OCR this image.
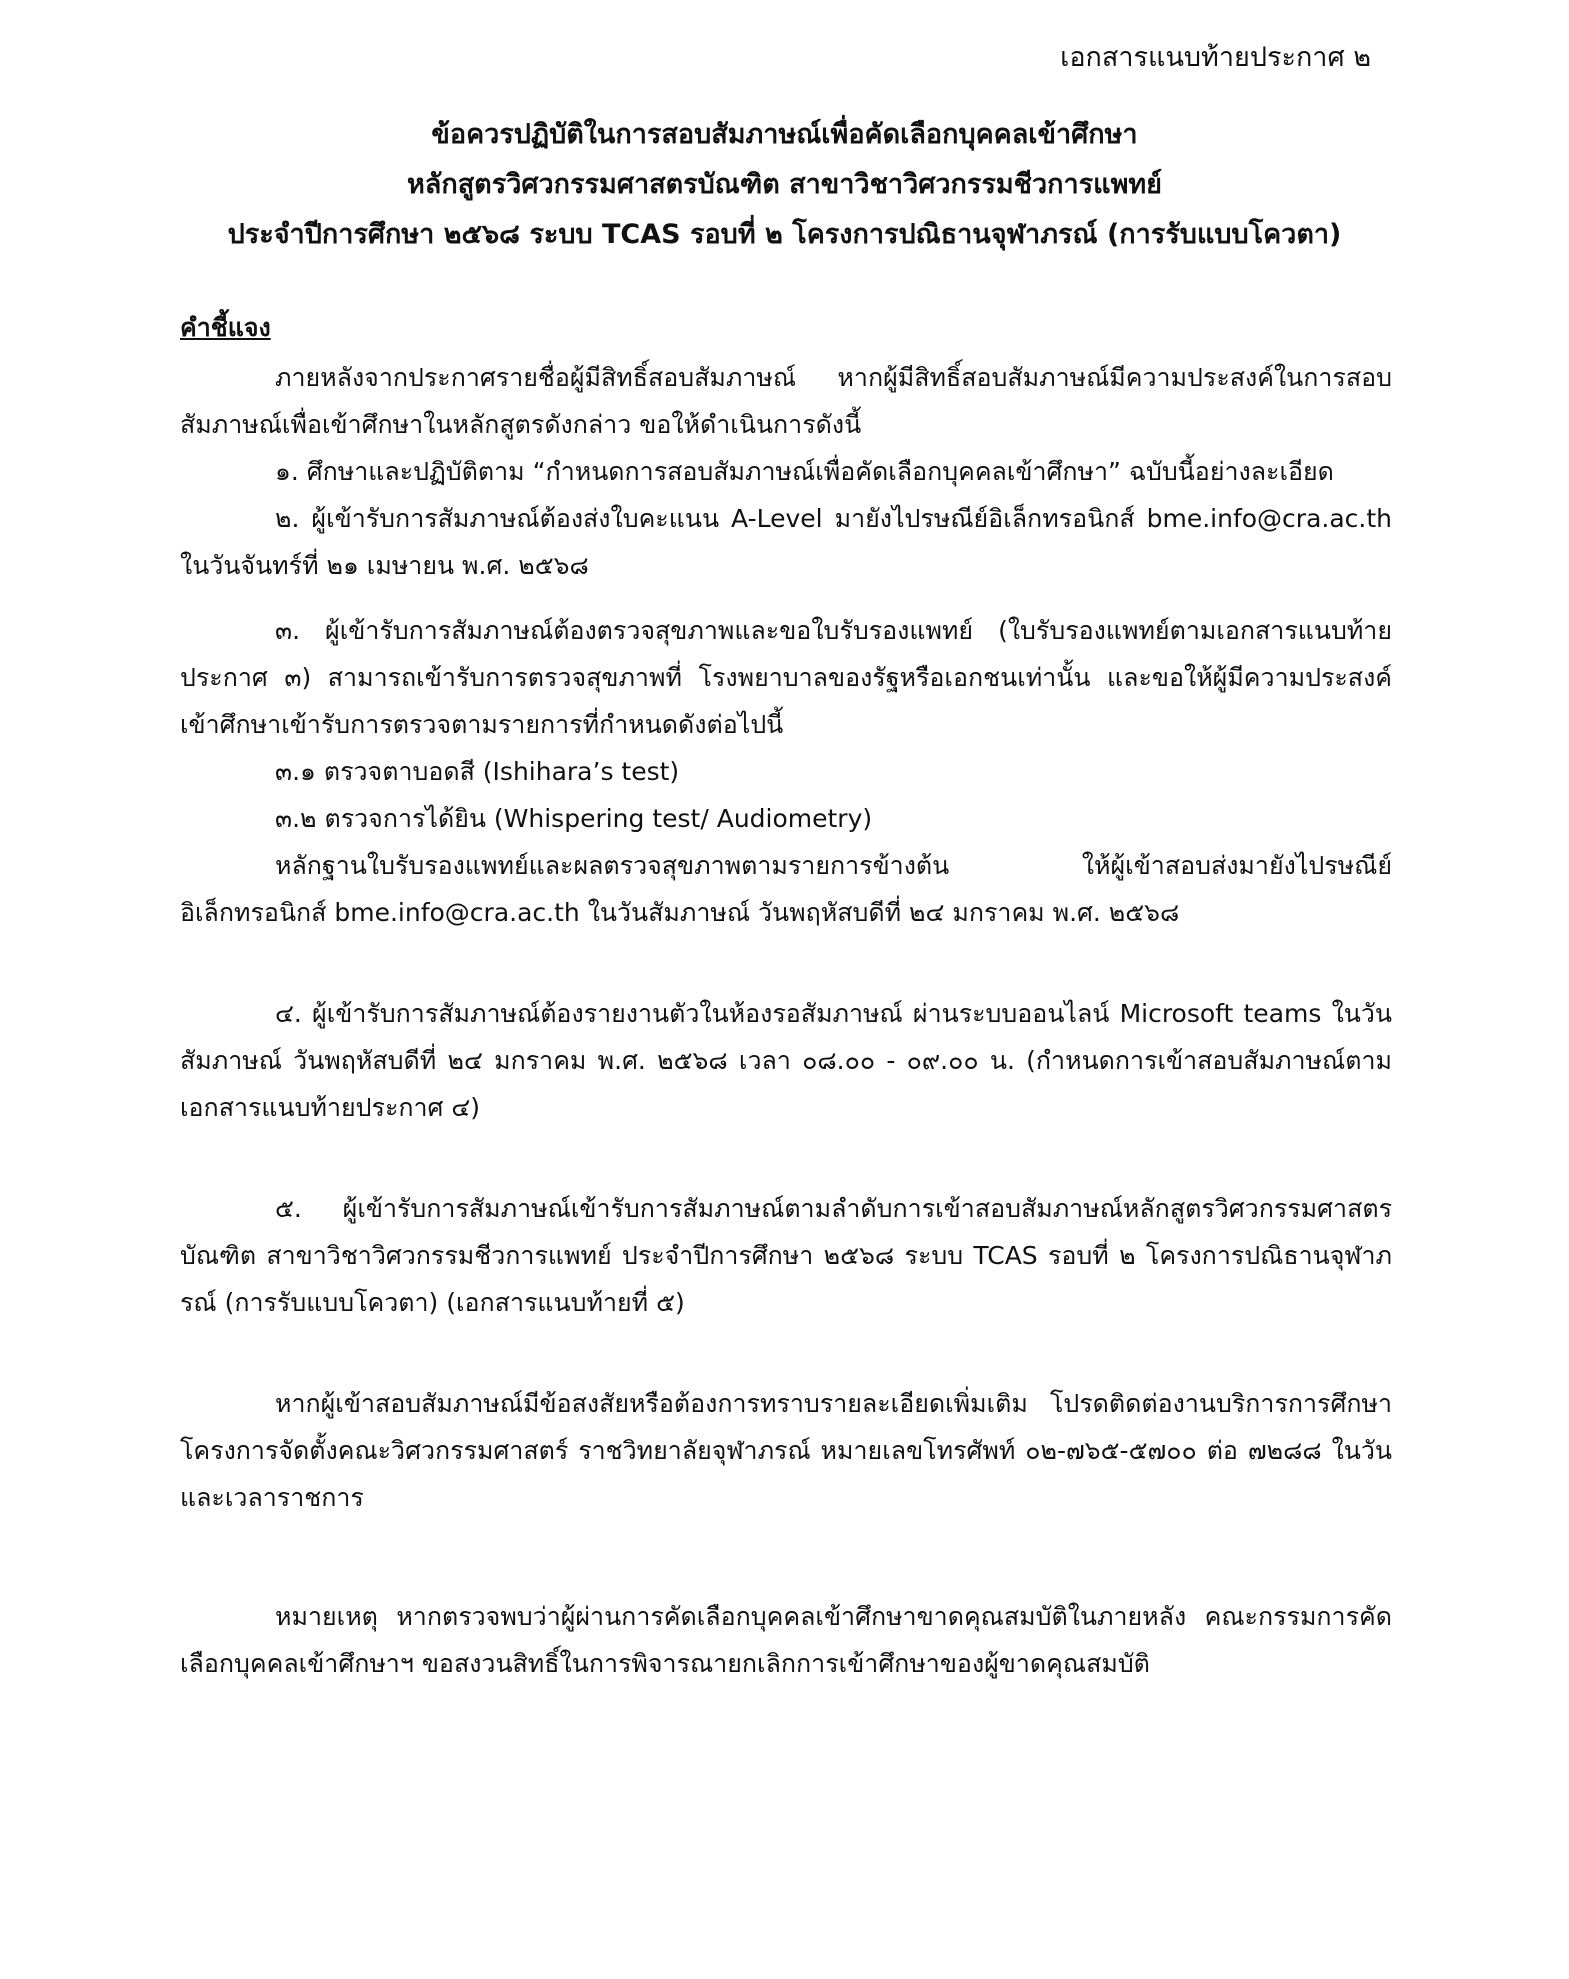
เอกสารแนบท้ายประกาศ ๒
ข้อควรปฏิบัติในการสอบสัมภาษณ์เพื่อคัดเลือกบุคคลเข้าศึกษา
หลักสูตรวิศวกรรมศาสตรบัณฑิต สาขาวิชาวิศวกรรมชีวการแพทย์
ประจำปีการศึกษา ๒๕๖๘ ระบบ TCAS รอบที่ ๒ โครงการปณิธานจุฬาภรณ์ (การรับแบบโควตา)
คำชี้แจง

ภายหลังจากประกาศรายชื่อผู้มีสิทธิ์สอบสัมภาษณ์ หากผู้มีสิทธิ์สอบสัมภาษณ์มีความประสงค์ในการสอบสัมภาษณ์เพื่อเข้าศึกษาในหลักสูตรดังกล่าว ขอให้ดำเนินการดังนี้

๑. ศึกษาและปฏิบัติตาม “กำหนดการสอบสัมภาษณ์เพื่อคัดเลือกบุคคลเข้าศึกษา” ฉบับนี้อย่างละเอียด

๒. ผู้เข้ารับการสัมภาษณ์ต้องส่งใบคะแนน A-Level มายังไปรษณีย์อิเล็กทรอนิกส์ bme.info@cra.ac.th ในวันจันทร์ที่ ๒๑ เมษายน พ.ศ. ๒๕๖๘

๓. ผู้เข้ารับการสัมภาษณ์ต้องตรวจสุขภาพและขอใบรับรองแพทย์ (ใบรับรองแพทย์ตามเอกสารแนบท้ายประกาศ ๓) สามารถเข้ารับการตรวจสุขภาพที่ โรงพยาบาลของรัฐหรือเอกชนเท่านั้น และขอให้ผู้มีความประสงค์เข้าศึกษาเข้ารับการตรวจตามรายการที่กำหนดดังต่อไปนี้

๓.๑ ตรวจตาบอดสี (Ishihara’s test)

๓.๒ ตรวจการได้ยิน (Whispering test/ Audiometry)

หลักฐานใบรับรองแพทย์และผลตรวจสุขภาพตามรายการข้างต้น ให้ผู้เข้าสอบส่งมายังไปรษณีย์อิเล็กทรอนิกส์ bme.info@cra.ac.th ในวันสัมภาษณ์ วันพฤหัสบดีที่ ๒๔ มกราคม พ.ศ. ๒๕๖๘

๔. ผู้เข้ารับการสัมภาษณ์ต้องรายงานตัวในห้องรอสัมภาษณ์ ผ่านระบบออนไลน์ Microsoft teams ในวันสัมภาษณ์ วันพฤหัสบดีที่ ๒๔ มกราคม พ.ศ. ๒๕๖๘ เวลา ๐๘.๐๐ - ๐๙.๐๐ น. (กำหนดการเข้าสอบสัมภาษณ์ตามเอกสารแนบท้ายประกาศ ๔)

๕. ผู้เข้ารับการสัมภาษณ์เข้ารับการสัมภาษณ์ตามลำดับการเข้าสอบสัมภาษณ์หลักสูตรวิศวกรรมศาสตรบัณฑิต สาขาวิชาวิศวกรรมชีวการแพทย์ ประจำปีการศึกษา ๒๕๖๘ ระบบ TCAS รอบที่ ๒ โครงการปณิธานจุฬาภรณ์ (การรับแบบโควตา) (เอกสารแนบท้ายที่ ๕)

หากผู้เข้าสอบสัมภาษณ์มีข้อสงสัยหรือต้องการทราบรายละเอียดเพิ่มเติม โปรดติดต่องานบริการการศึกษา โครงการจัดตั้งคณะวิศวกรรมศาสตร์ ราชวิทยาลัยจุฬาภรณ์ หมายเลขโทรศัพท์ ๐๒-๗๖๕-๕๗๐๐ ต่อ ๗๒๘๘ ในวันและเวลาราชการ

หมายเหตุ หากตรวจพบว่าผู้ผ่านการคัดเลือกบุคคลเข้าศึกษาขาดคุณสมบัติในภายหลัง คณะกรรมการคัดเลือกบุคคลเข้าศึกษาฯ ขอสงวนสิทธิ์ในการพิจารณายกเลิกการเข้าศึกษาของผู้ขาดคุณสมบัติ
